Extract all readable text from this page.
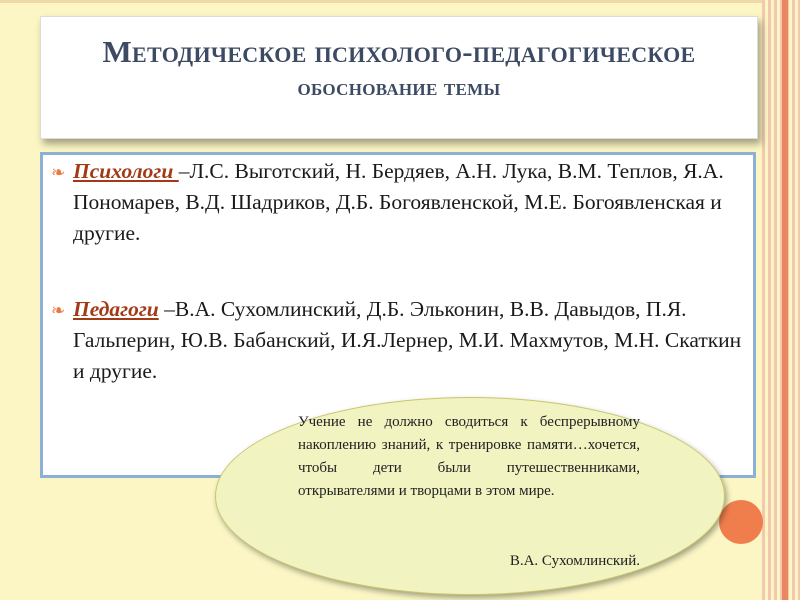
Методическое психолого-педагогическое
обоснование темы
❧ Психологи –Л.С. Выготский, Н. Бердяев, А.Н. Лука, В.М. Теплов, Я.А. Пономарев, В.Д. Шадриков, Д.Б. Богоявленской, М.Е. Богоявленская и другие.
❧ Педагоги –В.А. Сухомлинский, Д.Б. Эльконин, В.В. Давыдов, П.Я. Гальперин, Ю.В. Бабанский, И.Я.Лернер, М.И. Махмутов, М.Н. Скаткин и другие.
Учение не должно сводиться к беспрерывному накоплению знаний, к тренировке памяти…хочется, чтобы дети были путешественниками, открывателями и творцами в этом мире.
В.А. Сухомлинский.
